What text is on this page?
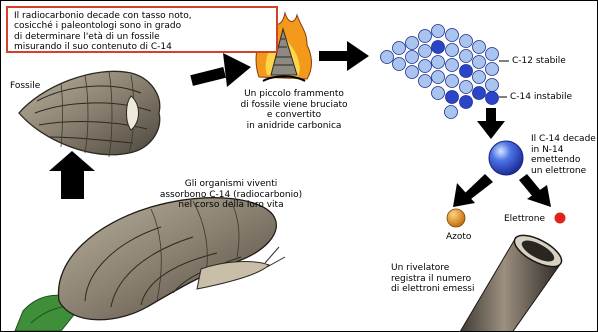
Il radiocarbonio decade con tasso noto,
cosicché i paleontologi sono in grado
di determinare l'età di un fossile
misurando il suo contenuto di C-14
Fossile
Un piccolo frammento
di fossile viene bruciato
e convertito
in anidride carbonica
C-12 stabile
C-14 instabile
Il C-14 decade
in N-14
emettendo
un elettrone
Gli organismi viventi
assorbono C-14 (radiocarbonio)
nel corso della loro vita
Azoto
Elettrone
Un rivelatore
registra il numero
di elettroni emessi
